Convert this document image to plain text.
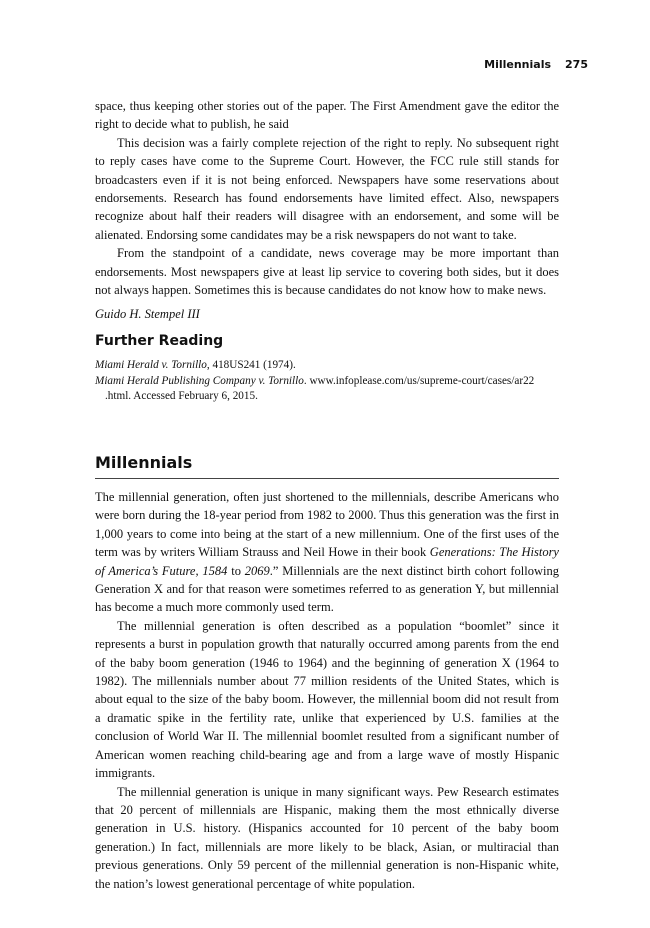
Millennials 275

space, thus keeping other stories out of the paper. The First Amendment gave the editor the right to decide what to publish, he said

This decision was a fairly complete rejection of the right to reply. No subsequent right to reply cases have come to the Supreme Court. However, the FCC rule still stands for broadcasters even if it is not being enforced. Newspapers have some reservations about endorsements. Research has found endorsements have limited effect. Also, newspapers recognize about half their readers will disagree with an endorsement, and some will be alienated. Endorsing some candidates may be a risk newspapers do not want to take.

From the standpoint of a candidate, news coverage may be more important than endorsements. Most newspapers give at least lip service to covering both sides, but it does not always happen. Sometimes this is because candidates do not know how to make news.

Guido H. Stempel III

Further Reading

Miami Herald v. Tornillo, 418US241 (1974).

Miami Herald Publishing Company v. Tornillo. www.infoplease.com/us/supreme-court/cases/ar22

.html. Accessed February 6, 2015.

Millennials

The millennial generation, often just shortened to the millennials, describe Americans who were born during the 18-year period from 1982 to 2000. Thus this generation was the first in 1,000 years to come into being at the start of a new millennium. One of the first uses of the term was by writers William Strauss and Neil Howe in their book Generations: The History of America’s Future, 1584 to 2069.” Millennials are the next distinct birth cohort following Generation X and for that reason were sometimes referred to as generation Y, but millennial has become a much more commonly used term.

The millennial generation is often described as a population “boomlet” since it represents a burst in population growth that naturally occurred among parents from the end of the baby boom generation (1946 to 1964) and the beginning of generation X (1964 to 1982). The millennials number about 77 million residents of the United States, which is about equal to the size of the baby boom. However, the millennial boom did not result from a dramatic spike in the fertility rate, unlike that experienced by U.S. families at the conclusion of World War II. The millennial boomlet resulted from a significant number of American women reaching child-bearing age and from a large wave of mostly Hispanic immigrants.

The millennial generation is unique in many significant ways. Pew Research estimates that 20 percent of millennials are Hispanic, making them the most ethnically diverse generation in U.S. history. (Hispanics accounted for 10 percent of the baby boom generation.) In fact, millennials are more likely to be black, Asian, or multiracial than previous generations. Only 59 percent of the millennial generation is non-Hispanic white, the nation’s lowest generational percentage of white population.
